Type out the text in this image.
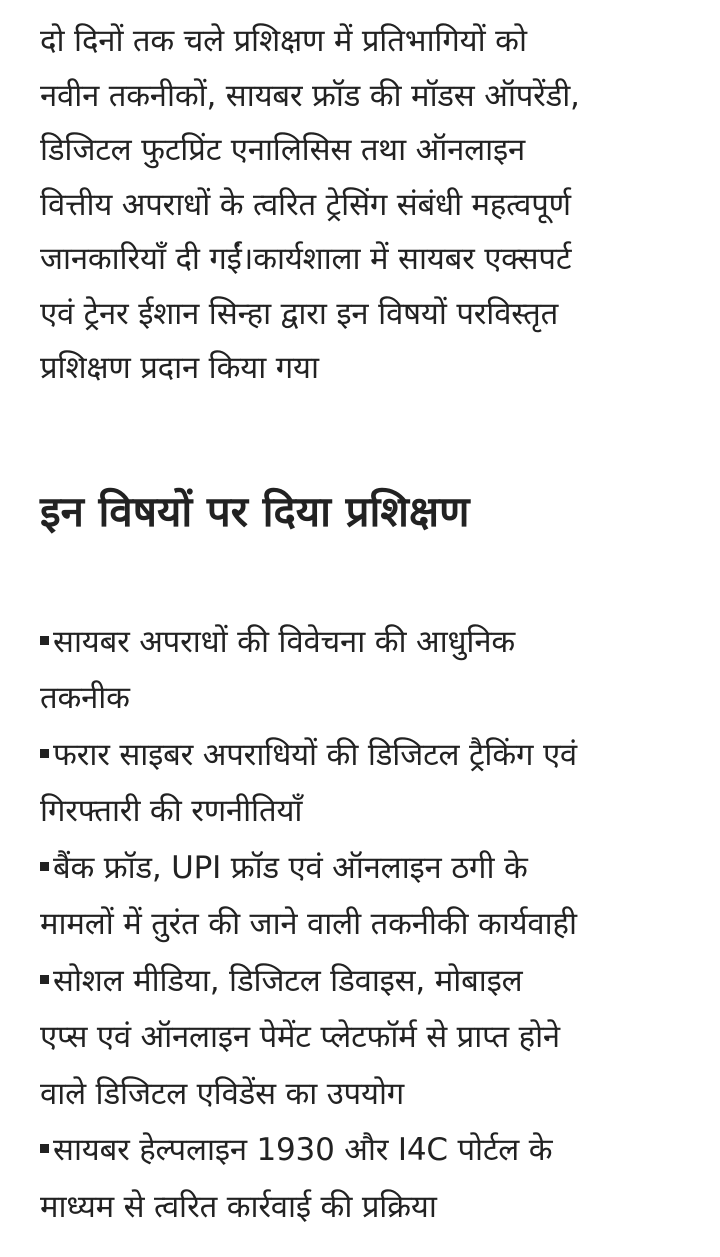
दो दिनों तक चले प्रशिक्षण में प्रतिभागियों को
नवीन तकनीकों, सायबर फ्रॉड की मॉडस ऑपरेंडी,
डिजिटल फुटप्रिंट एनालिसिस तथा ऑनलाइन
वित्तीय अपराधों के त्वरित ट्रेसिंग संबंधी महत्वपूर्ण
जानकारियाँ दी गईं।कार्यशाला में सायबर एक्सपर्ट
एवं ट्रेनर ईशान सिन्हा द्वारा इन विषयों परविस्तृत
प्रशिक्षण प्रदान किया गया

इन विषयों पर दिया प्रशिक्षण
सायबर अपराधों की विवेचना की आधुनिक
तकनीक
फरार साइबर अपराधियों की डिजिटल ट्रैकिंग एवं
गिरफ्तारी की रणनीतियाँ
बैंक फ्रॉड, UPI फ्रॉड एवं ऑनलाइन ठगी के
मामलों में तुरंत की जाने वाली तकनीकी कार्यवाही
सोशल मीडिया, डिजिटल डिवाइस, मोबाइल
एप्स एवं ऑनलाइन पेमेंट प्लेटफॉर्म से प्राप्त होने
वाले डिजिटल एविडेंस का उपयोग
सायबर हेल्पलाइन 1930 और I4C पोर्टल के
माध्यम से त्वरित कार्रवाई की प्रक्रिया
